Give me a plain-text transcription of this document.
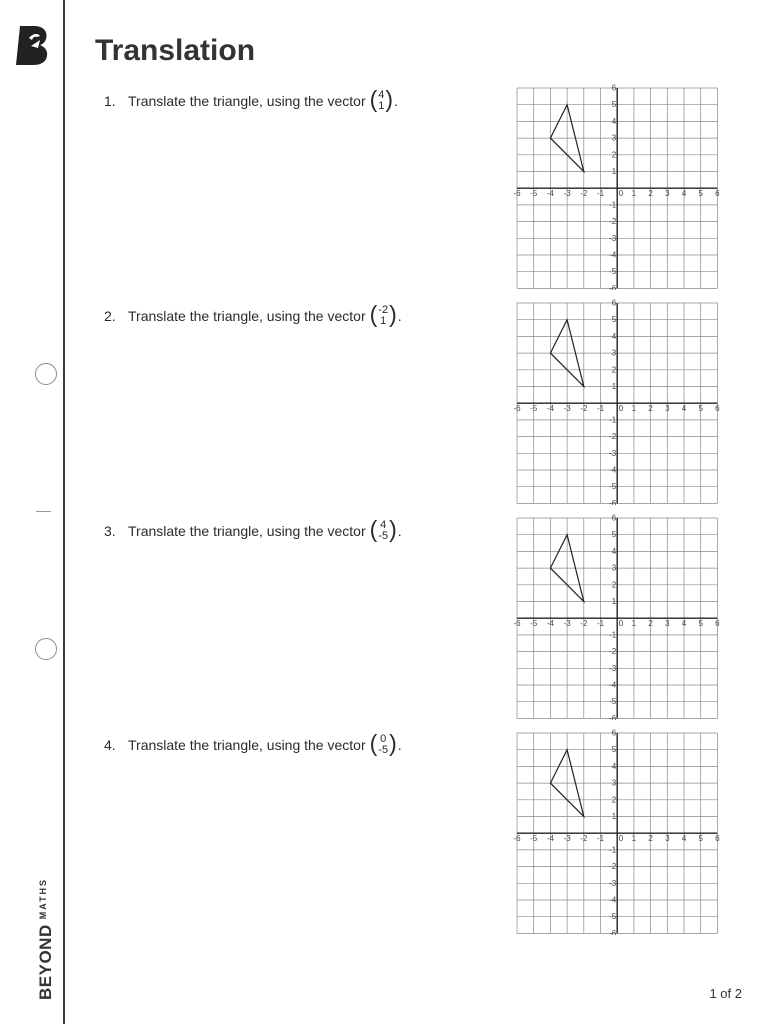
$BEYOND^{MATHS}$
Translation
1. Translate the triangle, using the vector ( 4
1 ) .
2. Translate the triangle, using the vector ( -2
1 ) .
3. Translate the triangle, using the vector ( 4
-5 ) .
4. Translate the triangle, using the vector ( 0
-5 ) .
-6 -5 -4 -3 -2 -1 0 1 2 3 4 5 6
6
5
4
3
2
1
-1
-2
-3
-4
-5
-6
-6 -5 -4 -3 -2 -1 0 1 2 3 4 5 6
6
5
4
3
2
1
-1
-2
-3
-4
-5
-6
-6 -5 -4 -3 -2 -1 0 1 2 3 4 5 6
6
5
4
3
2
1
-1
-2
-3
-4
-5
-6
-6 -5 -4 -3 -2 -1 0 1 2 3 4 5 6
6
5
4
3
2
1
-1
-2
-3
-4
-5
-6
1 of 2
